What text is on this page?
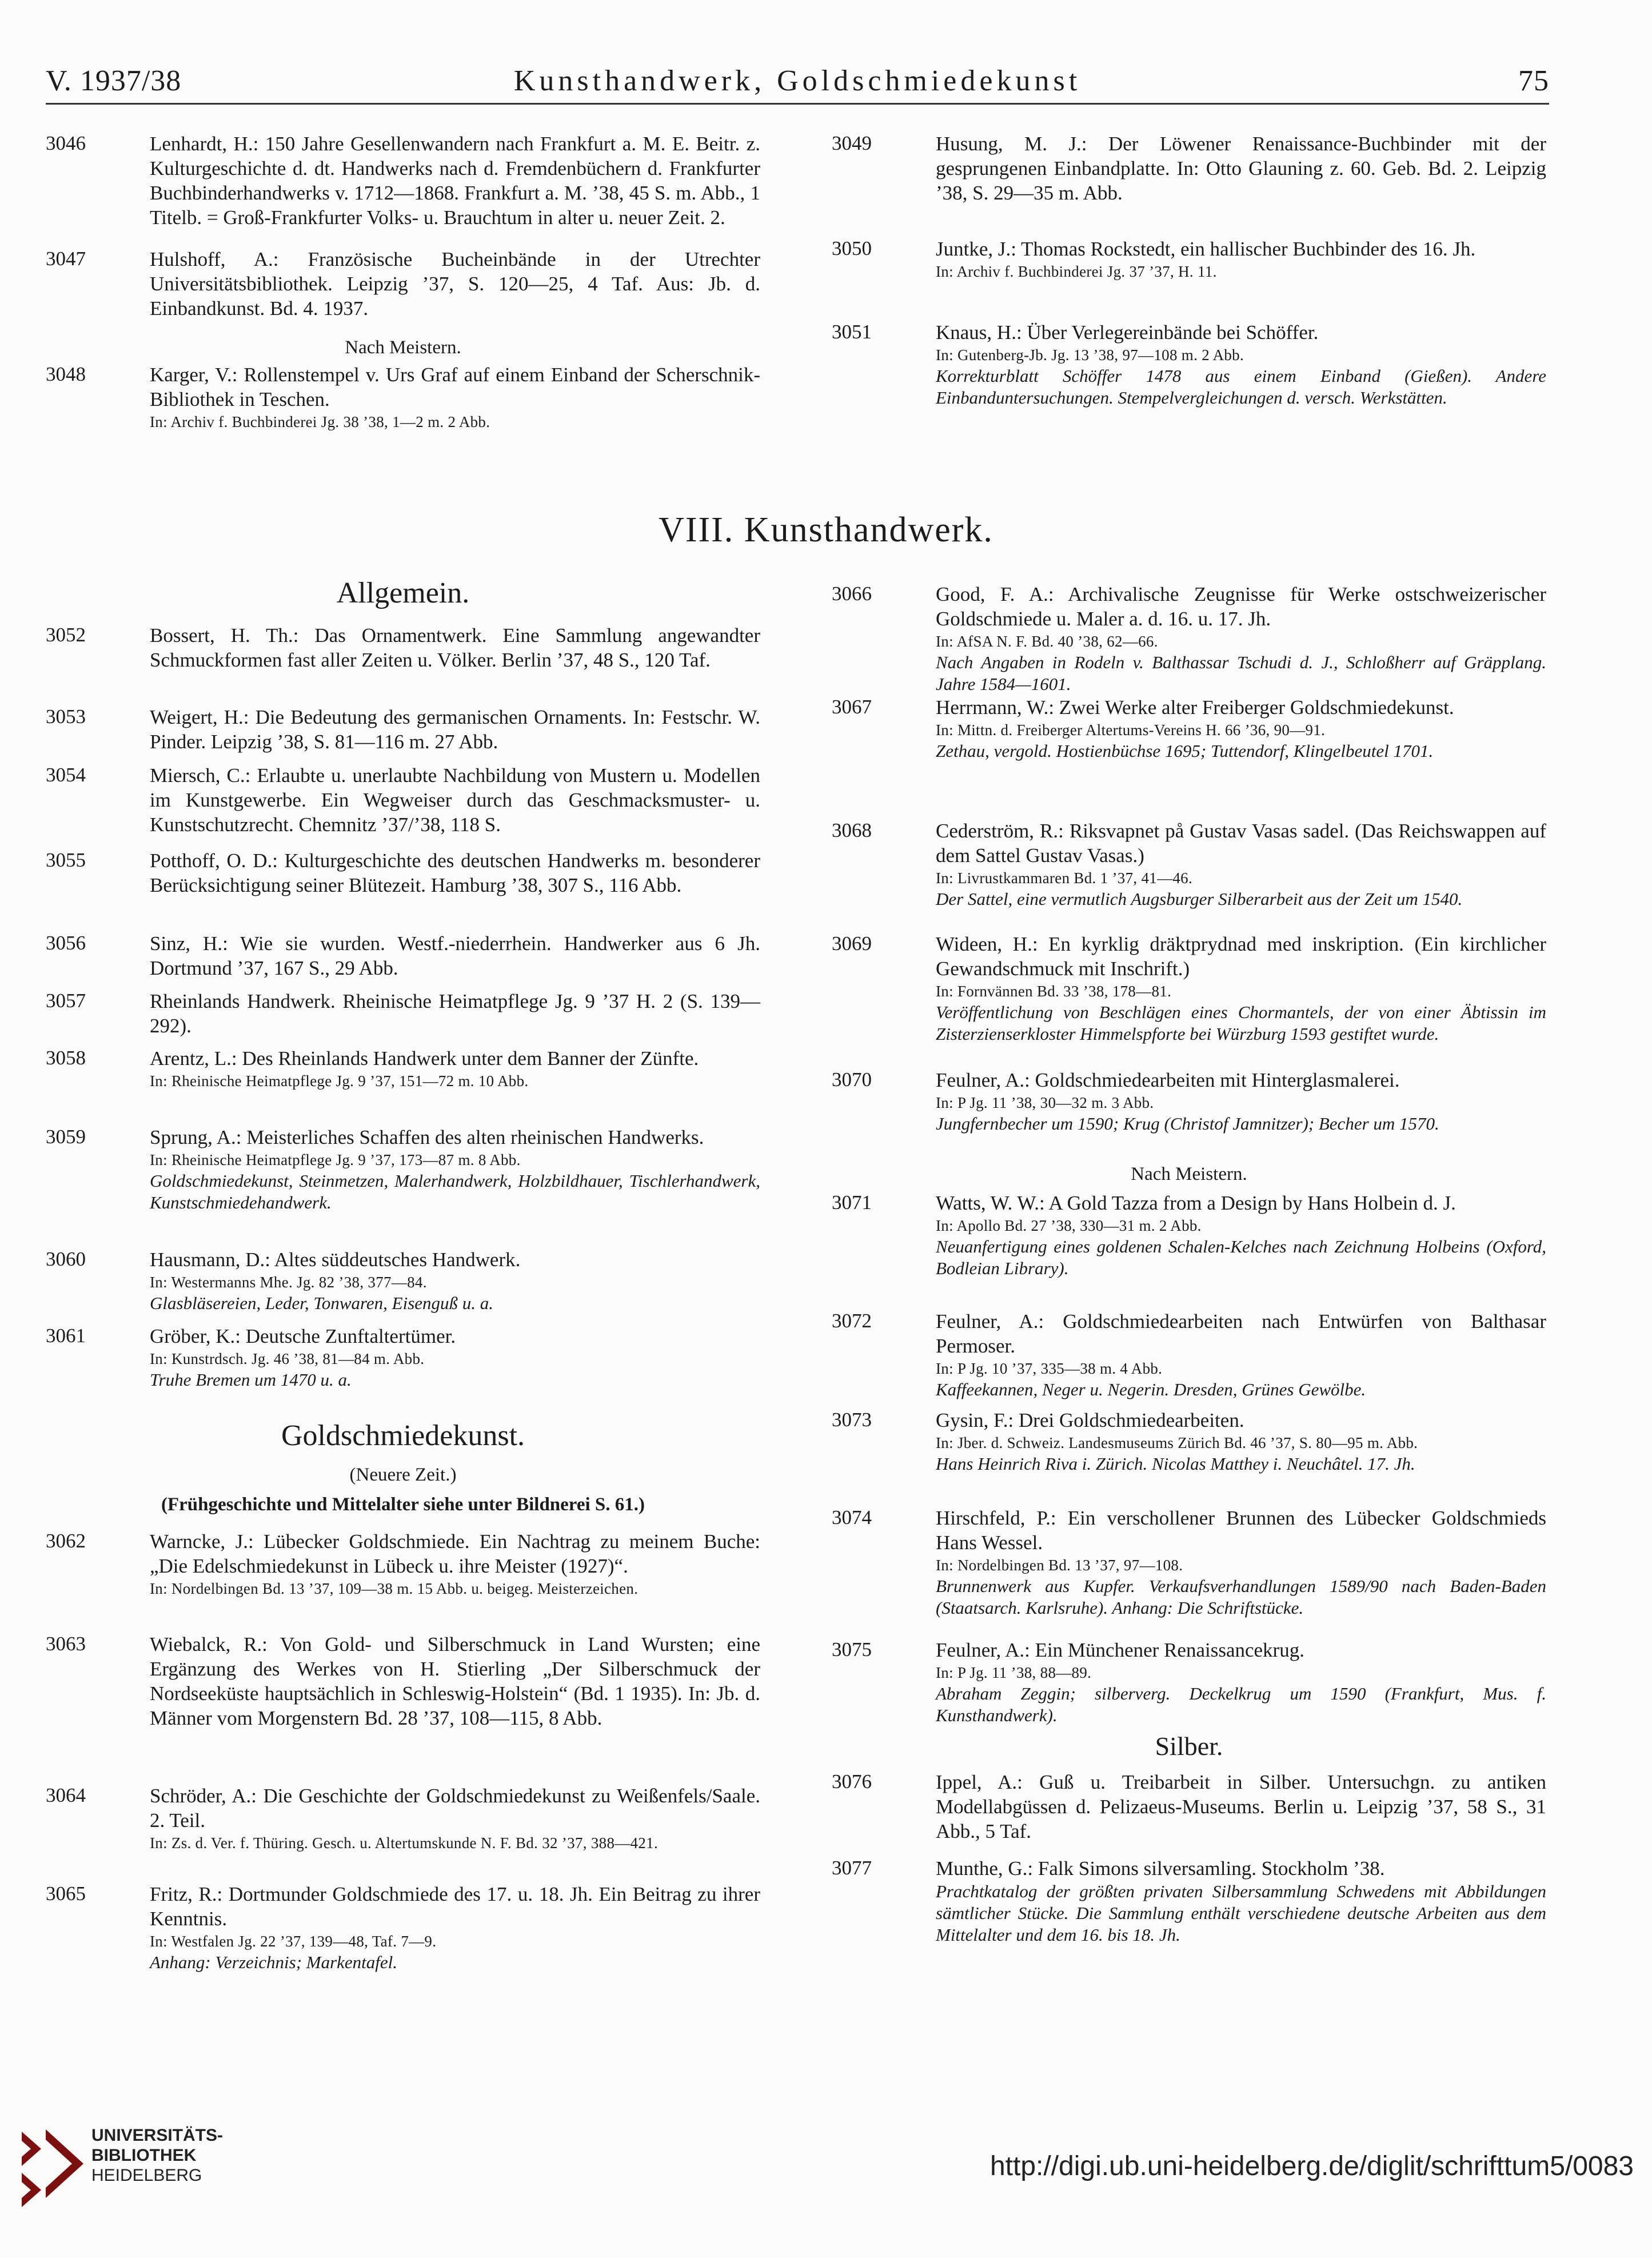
V. 1937/38	Kunsthandwerk, Goldschmiedekunst	75
3046	Lenhardt, H.: 150 Jahre Gesellenwandern nach Frankfurt a. M. E. Beitr. z. Kulturgeschichte d. dt. Handwerks nach d. Fremdenbüchern d. Frankfurter Buchbinderhandwerks v. 1712—1868. Frankfurt a. M. ’38, 45 S. m. Abb., 1 Titelb. = Groß-Frankfurter Volks- u. Brauchtum in alter u. neuer Zeit. 2.
3047	Hulshoff, A.: Französische Bucheinbände in der Utrechter Universitätsbibliothek. Leipzig ’37, S. 120—25, 4 Taf. Aus: Jb. d. Einbandkunst. Bd. 4. 1937.
Nach Meistern.
3048	Karger, V.: Rollenstempel v. Urs Graf auf einem Einband der Scherschnik-Bibliothek in Teschen.
In: Archiv f. Buchbinderei Jg. 38 ’38, 1—2 m. 2 Abb.
Allgemein.
3052	Bossert, H. Th.: Das Ornamentwerk. Eine Sammlung angewandter Schmuckformen fast aller Zeiten u. Völker. Berlin ’37, 48 S., 120 Taf.
3053	Weigert, H.: Die Bedeutung des germanischen Ornaments. In: Festschr. W. Pinder. Leipzig ’38, S. 81—116 m. 27 Abb.
3054	Miersch, C.: Erlaubte u. unerlaubte Nachbildung von Mustern u. Modellen im Kunstgewerbe. Ein Wegweiser durch das Geschmacksmuster- u. Kunstschutzrecht. Chemnitz ’37/’38, 118 S.
3055	Potthoff, O. D.: Kulturgeschichte des deutschen Handwerks m. besonderer Berücksichtigung seiner Blütezeit. Hamburg ’38, 307 S., 116 Abb.
3056	Sinz, H.: Wie sie wurden. Westf.-niederrhein. Handwerker aus 6 Jh. Dortmund ’37, 167 S., 29 Abb.
3057	Rheinlands Handwerk. Rheinische Heimatpflege Jg. 9 ’37 H. 2 (S. 139—292).
3058	Arentz, L.: Des Rheinlands Handwerk unter dem Banner der Zünfte.
In: Rheinische Heimatpflege Jg. 9 ’37, 151—72 m. 10 Abb.
3059	Sprung, A.: Meisterliches Schaffen des alten rheinischen Handwerks.
In: Rheinische Heimatpflege Jg. 9 ’37, 173—87 m. 8 Abb.
Goldschmiedekunst, Steinmetzen, Malerhandwerk, Holzbildhauer, Tischlerhandwerk, Kunstschmiedehandwerk.
3060	Hausmann, D.: Altes süddeutsches Handwerk.
In: Westermanns Mhe. Jg. 82 ’38, 377—84.
Glasbläsereien, Leder, Tonwaren, Eisenguß u. a.
3061	Gröber, K.: Deutsche Zunftaltertümer.
In: Kunstrdsch. Jg. 46 ’38, 81—84 m. Abb.
Truhe Bremen um 1470 u. a.
Goldschmiedekunst.
(Neuere Zeit.)
(Frühgeschichte und Mittelalter siehe unter Bildnerei S. 61.)
3062	Warncke, J.: Lübecker Goldschmiede. Ein Nachtrag zu meinem Buche: „Die Edelschmiedekunst in Lübeck u. ihre Meister (1927)“.
In: Nordelbingen Bd. 13 ’37, 109—38 m. 15 Abb. u. beigeg. Meisterzeichen.
3063	Wiebalck, R.: Von Gold- und Silberschmuck in Land Wursten; eine Ergänzung des Werkes von H. Stierling „Der Silberschmuck der Nordseeküste hauptsächlich in Schleswig-Holstein“ (Bd. 1 1935). In: Jb. d. Männer vom Morgenstern Bd. 28 ’37, 108—115, 8 Abb.
3064	Schröder, A.: Die Geschichte der Goldschmiedekunst zu Weißenfels/Saale. 2. Teil.
In: Zs. d. Ver. f. Thüring. Gesch. u. Altertumskunde N. F. Bd. 32 ’37, 388—421.
3065	Fritz, R.: Dortmunder Goldschmiede des 17. u. 18. Jh. Ein Beitrag zu ihrer Kenntnis.
In: Westfalen Jg. 22 ’37, 139—48, Taf. 7—9.
Anhang: Verzeichnis; Markentafel.
VIII. Kunsthandwerk.
3049	Husung, M. J.: Der Löwener Renaissance-Buchbinder mit der gesprungenen Einbandplatte. In: Otto Glauning z. 60. Geb. Bd. 2. Leipzig ’38, S. 29—35 m. Abb.
3050	Juntke, J.: Thomas Rockstedt, ein hallischer Buchbinder des 16. Jh.
In: Archiv f. Buchbinderei Jg. 37 ’37, H. 11.
3051	Knaus, H.: Über Verlegereinbände bei Schöffer.
In: Gutenberg-Jb. Jg. 13 ’38, 97—108 m. 2 Abb.
Korrekturblatt Schöffer 1478 aus einem Einband (Gießen). Andere Einbanduntersuchungen. Stempelvergleichungen d. versch. Werkstätten.
3066	Good, F. A.: Archivalische Zeugnisse für Werke ostschweizerischer Goldschmiede u. Maler a. d. 16. u. 17. Jh.
In: AfSA N. F. Bd. 40 ’38, 62—66.
Nach Angaben in Rodeln v. Balthassar Tschudi d. J., Schloßherr auf Gräpplang. Jahre 1584—1601.
3067	Herrmann, W.: Zwei Werke alter Freiberger Goldschmiedekunst.
In: Mittn. d. Freiberger Altertums-Vereins H. 66 ’36, 90—91.
Zethau, vergold. Hostienbüchse 1695; Tuttendorf, Klingelbeutel 1701.
3068	Cederström, R.: Riksvapnet på Gustav Vasas sadel. (Das Reichswappen auf dem Sattel Gustav Vasas.)
In: Livrustkammaren Bd. 1 ’37, 41—46.
Der Sattel, eine vermutlich Augsburger Silberarbeit aus der Zeit um 1540.
3069	Wideen, H.: En kyrklig dräktprydnad med inskription. (Ein kirchlicher Gewandschmuck mit Inschrift.)
In: Fornvännen Bd. 33 ’38, 178—81.
Veröffentlichung von Beschlägen eines Chormantels, der von einer Äbtissin im Zisterzienserkloster Himmelspforte bei Würzburg 1593 gestiftet wurde.
3070	Feulner, A.: Goldschmiedearbeiten mit Hinterglasmalerei.
In: P Jg. 11 ’38, 30—32 m. 3 Abb.
Jungfernbecher um 1590; Krug (Christof Jamnitzer); Becher um 1570.
Nach Meistern.
3071	Watts, W. W.: A Gold Tazza from a Design by Hans Holbein d. J.
In: Apollo Bd. 27 ’38, 330—31 m. 2 Abb.
Neuanfertigung eines goldenen Schalen-Kelches nach Zeichnung Holbeins (Oxford, Bodleian Library).
3072	Feulner, A.: Goldschmiedearbeiten nach Entwürfen von Balthasar Permoser.
In: P Jg. 10 ’37, 335—38 m. 4 Abb.
Kaffeekannen, Neger u. Negerin. Dresden, Grünes Gewölbe.
3073	Gysin, F.: Drei Goldschmiedearbeiten.
In: Jber. d. Schweiz. Landesmuseums Zürich Bd. 46 ’37, S. 80—95 m. Abb.
Hans Heinrich Riva i. Zürich. Nicolas Matthey i. Neuchâtel. 17. Jh.
3074	Hirschfeld, P.: Ein verschollener Brunnen des Lübecker Goldschmieds Hans Wessel.
In: Nordelbingen Bd. 13 ’37, 97—108.
Brunnenwerk aus Kupfer. Verkaufsverhandlungen 1589/90 nach Baden-Baden (Staatsarch. Karlsruhe). Anhang: Die Schriftstücke.
3075	Feulner, A.: Ein Münchener Renaissancekrug.
In: P Jg. 11 ’38, 88—89.
Abraham Zeggin; silberverg. Deckelkrug um 1590 (Frankfurt, Mus. f. Kunsthandwerk).
Silber.
3076	Ippel, A.: Guß u. Treibarbeit in Silber. Untersuchgn. zu antiken Modellabgüssen d. Pelizaeus-Museums. Berlin u. Leipzig ’37, 58 S., 31 Abb., 5 Taf.
3077	Munthe, G.: Falk Simons silversamling. Stockholm ’38.
Prachtkatalog der größten privaten Silbersammlung Schwedens mit Abbildungen sämtlicher Stücke. Die Sammlung enthält verschiedene deutsche Arbeiten aus dem Mittelalter und dem 16. bis 18. Jh.
UNIVERSITÄTS-
BIBLIOTHEK
HEIDELBERG	http://digi.ub.uni-heidelberg.de/diglit/schrifttum5/0083
